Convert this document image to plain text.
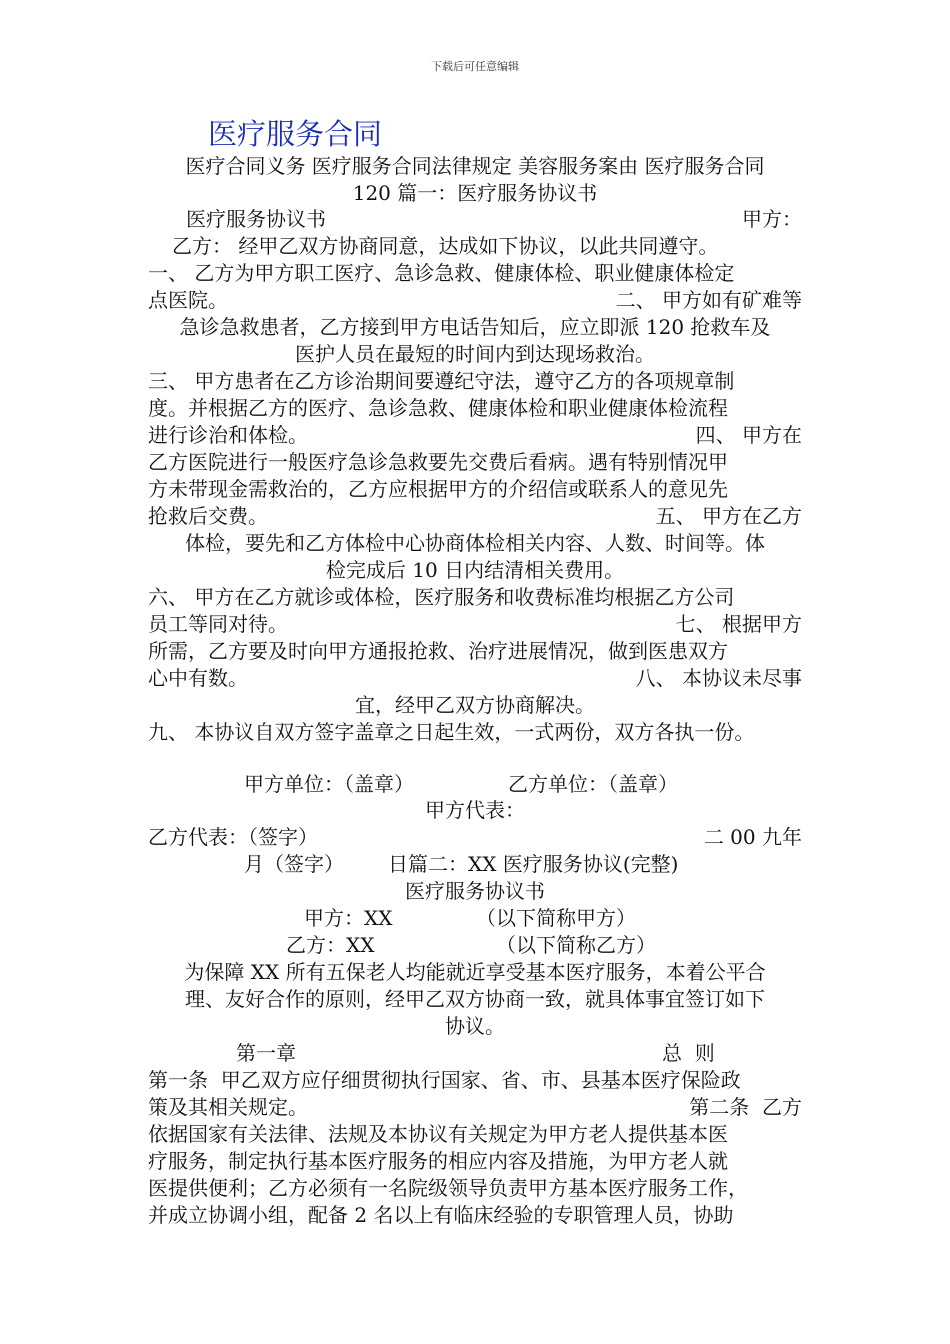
下载后可任意编辑
医疗服务合同
医疗合同义务 医疗服务合同法律规定 美容服务案由 医疗服务合同
120 篇一：医疗服务协议书
医疗服务协议书	甲方：
乙方： 经甲乙双方协商同意，达成如下协议，以此共同遵守。
一、 乙方为甲方职工医疗、急诊急救、健康体检、职业健康体检定
点医院。	二、 甲方如有矿难等
急诊急救患者，乙方接到甲方电话告知后，应立即派 120 抢救车及
医护人员在最短的时间内到达现场救治。
三、 甲方患者在乙方诊治期间要遵纪守法，遵守乙方的各项规章制
度。并根据乙方的医疗、急诊急救、健康体检和职业健康体检流程
进行诊治和体检。	四、 甲方在
乙方医院进行一般医疗急诊急救要先交费后看病。遇有特别情况甲
方未带现金需救治的，乙方应根据甲方的介绍信或联系人的意见先
抢救后交费。	五、 甲方在乙方
体检，要先和乙方体检中心协商体检相关内容、人数、时间等。体
检完成后 10 日内结清相关费用。
六、 甲方在乙方就诊或体检，医疗服务和收费标准均根据乙方公司
员工等同对待。	七、 根据甲方
所需，乙方要及时向甲方通报抢救、治疗进展情况，做到医患双方
心中有数。	八、 本协议未尽事
宜，经甲乙双方协商解决。
九、 本协议自双方签字盖章之日起生效，一式两份，双方各执一份。
甲方单位：（盖章）	乙方单位：（盖章）
甲方代表：
乙方代表：（签字）	二 00 九年
月（签字） 日篇二：XX 医疗服务协议(完整)
医疗服务协议书
甲方：XX	（以下简称甲方）
乙方：XX	（以下简称乙方）
为保障 XX 所有五保老人均能就近享受基本医疗服务，本着公平合
理、友好合作的原则，经甲乙双方协商一致，就具体事宜签订如下
协议。
第一章	总  则
第一条  甲乙双方应仔细贯彻执行国家、省、市、县基本医疗保险政
策及其相关规定。	第二条  乙方
依据国家有关法律、法规及本协议有关规定为甲方老人提供基本医
疗服务，制定执行基本医疗服务的相应内容及措施，为甲方老人就
医提供便利；乙方必须有一名院级领导负责甲方基本医疗服务工作，
并成立协调小组，配备 2 名以上有临床经验的专职管理人员，协助
